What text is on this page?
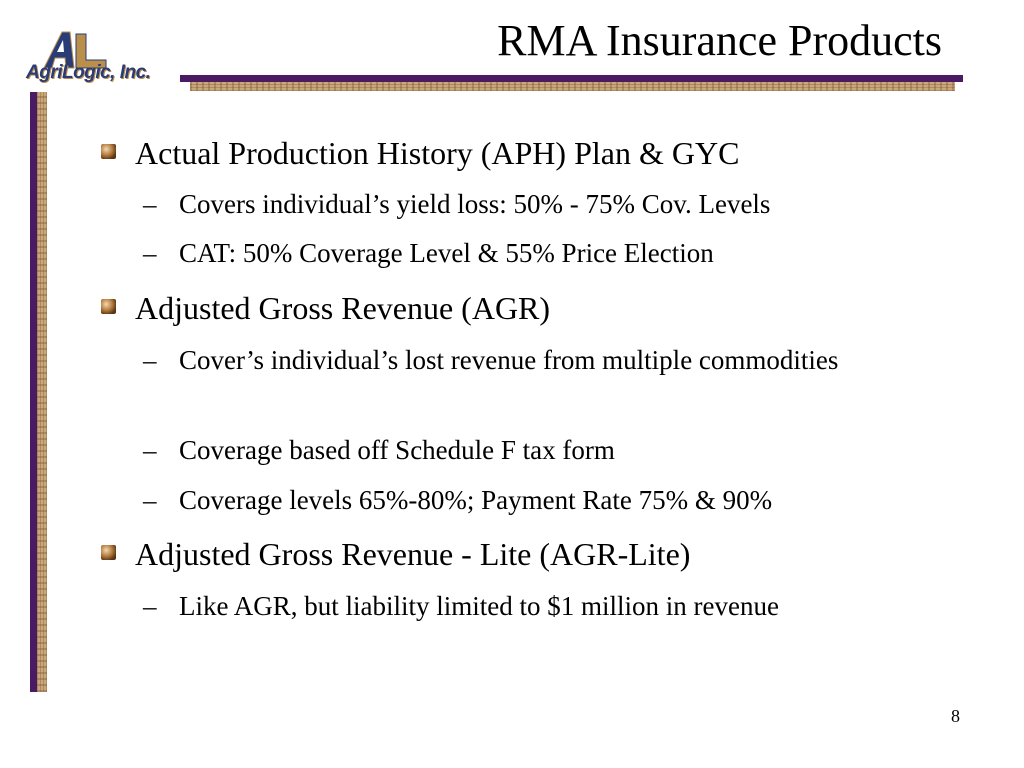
AgriLogic, Inc.
RMA Insurance Products
Actual Production History (APH) Plan & GYC
– Covers individual’s yield loss: 50% - 75% Cov. Levels
– CAT: 50% Coverage Level & 55% Price Election
Adjusted Gross Revenue (AGR)
– Cover’s individual’s lost revenue from multiple commodities
– Coverage based off Schedule F tax form
– Coverage levels 65%-80%; Payment Rate 75% & 90%
Adjusted Gross Revenue - Lite (AGR-Lite)
– Like AGR, but liability limited to $1 million in revenue
8
